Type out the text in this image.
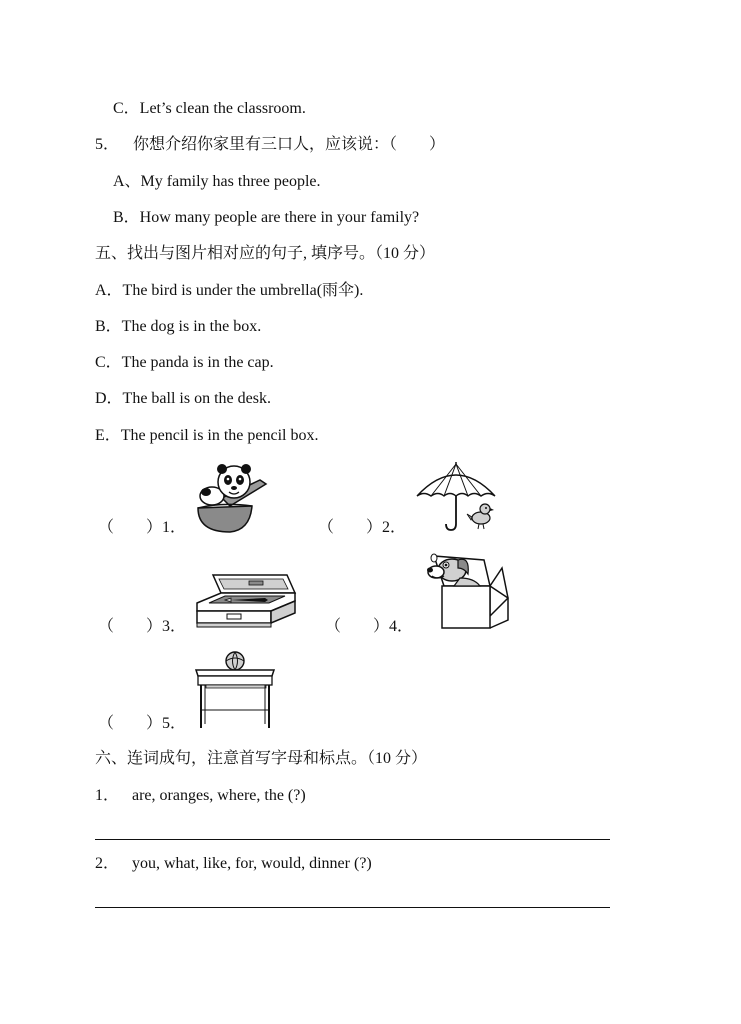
C．Let’s clean the classroom.
5． 你想介绍你家里有三口人，应该说：（　　）
A、My family has three people.
B．How many people are there in your family?
五、找出与图片相对应的句子, 填序号。（10 分）
A．The bird is under the umbrella(雨伞).
B．The dog is in the box.
C．The panda is in the cap.
D．The ball is on the desk.
E．The pencil is in the pencil box.
（　　）1．	（　　）2．
（　　）3．	（　　）4．
（　　）5．
六、连词成句，注意首写字母和标点。（10 分）
1． are, oranges, where, the (?)
2． you, what, like, for, would, dinner (?)
